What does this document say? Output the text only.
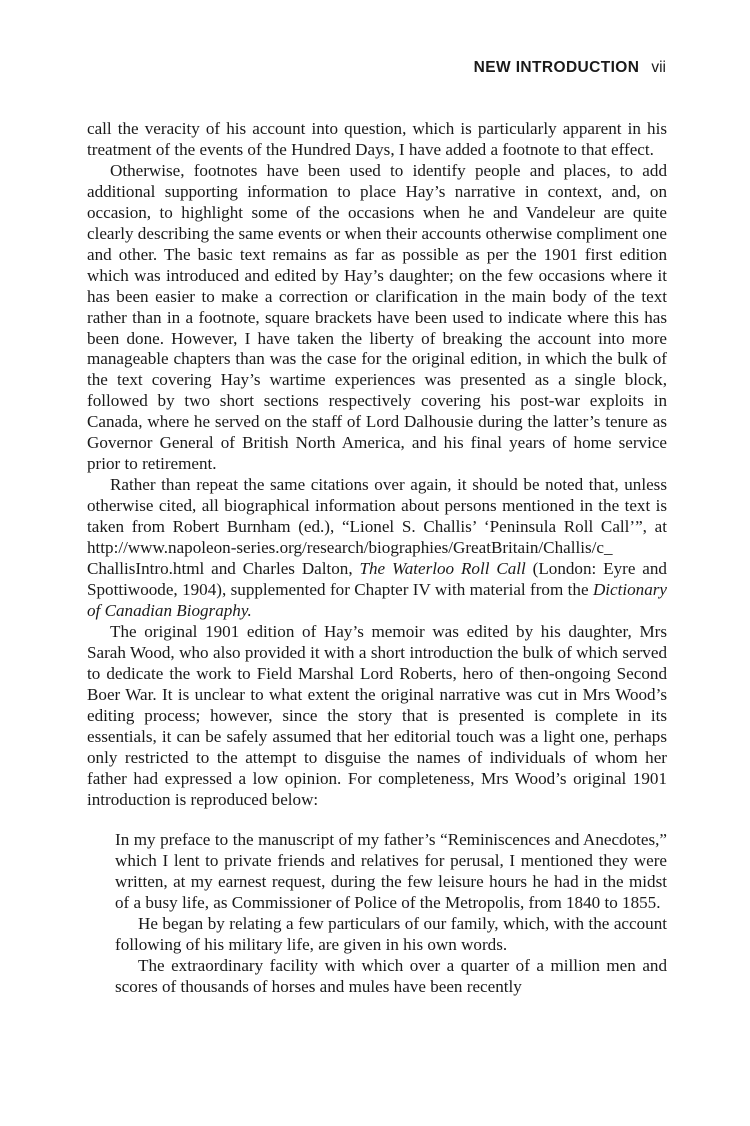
NEW INTRODUCTION vii

call the veracity of his account into question, which is particularly apparent in his treatment of the events of the Hundred Days, I have added a footnote to that effect.

Otherwise, footnotes have been used to identify people and places, to add additional supporting information to place Hay’s narrative in context, and, on occasion, to highlight some of the occasions when he and Vandeleur are quite clearly describing the same events or when their accounts otherwise compliment one and other. The basic text remains as far as possible as per the 1901 first edition which was introduced and edited by Hay’s daughter; on the few occasions where it has been easier to make a correction or clarification in the main body of the text rather than in a footnote, square brackets have been used to indicate where this has been done. However, I have taken the liberty of breaking the account into more manageable chapters than was the case for the original edition, in which the bulk of the text covering Hay’s wartime experiences was presented as a single block, followed by two short sections respectively covering his post-war exploits in Canada, where he served on the staff of Lord Dalhousie during the latter’s tenure as Governor General of British North America, and his final years of home service prior to retirement.

Rather than repeat the same citations over again, it should be noted that, unless otherwise cited, all biographical information about persons mentioned in the text is taken from Robert Burnham (ed.), “Lionel S. Challis’ ‘Peninsula Roll Call’”, at http://www.napoleon-series.org/research/biographies/GreatBritain/Challis/c_ ChallisIntro.html and Charles Dalton, The Waterloo Roll Call (London: Eyre and Spottiwoode, 1904), supplemented for Chapter IV with material from the Dictionary of Canadian Biography.

The original 1901 edition of Hay’s memoir was edited by his daughter, Mrs Sarah Wood, who also provided it with a short introduction the bulk of which served to dedicate the work to Field Marshal Lord Roberts, hero of then-ongoing Second Boer War. It is unclear to what extent the original narrative was cut in Mrs Wood’s editing process; however, since the story that is presented is complete in its essentials, it can be safely assumed that her editorial touch was a light one, perhaps only restricted to the attempt to disguise the names of individuals of whom her father had expressed a low opinion. For completeness, Mrs Wood’s original 1901 introduction is reproduced below:

In my preface to the manuscript of my father’s “Reminiscences and Anecdotes,” which I lent to private friends and relatives for perusal, I mentioned they were written, at my earnest request, during the few leisure hours he had in the midst of a busy life, as Commissioner of Police of the Metropolis, from 1840 to 1855.

He began by relating a few particulars of our family, which, with the account following of his military life, are given in his own words.

The extraordinary facility with which over a quarter of a million men and scores of thousands of horses and mules have been recently
